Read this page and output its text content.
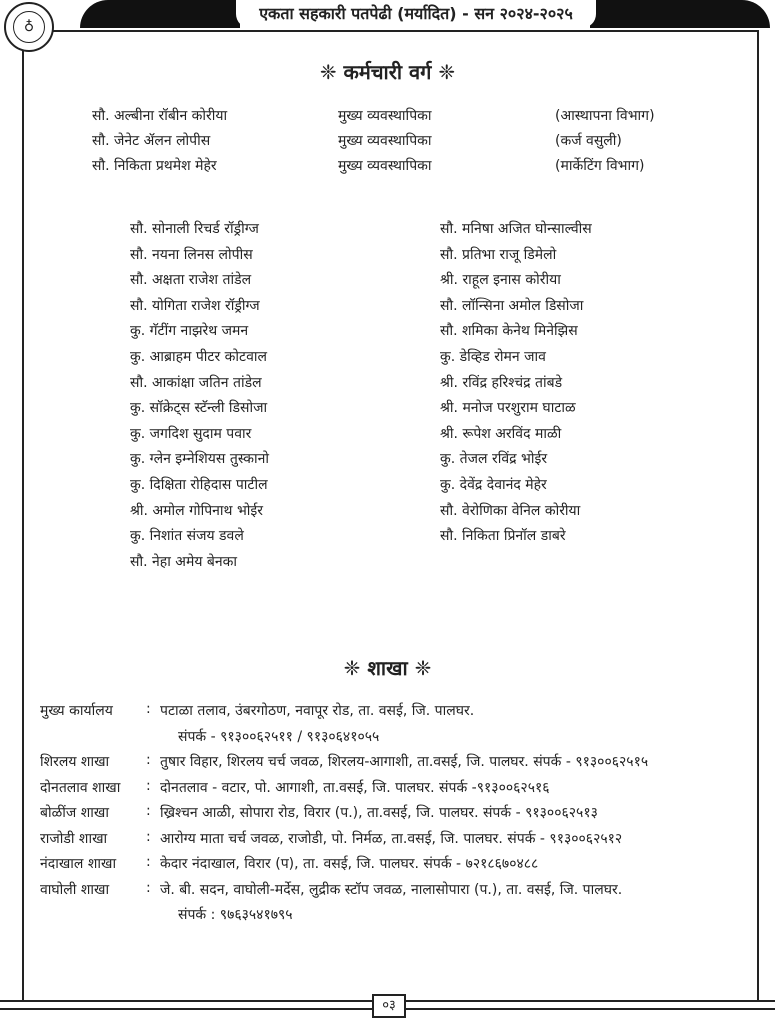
एकता सहकारी पतपेढी (मर्यादित) - सन २०२४-२०२५
♁
❈ कर्मचारी वर्ग ❈
सौ. अल्बीना रॉबीन कोरीया	मुख्य व्यवस्थापिका	(आस्थापना विभाग)
सौ. जेनेट ॲलन लोपीस	मुख्य व्यवस्थापिका	(कर्ज वसुली)
सौ. निकिता प्रथमेश मेहेर	मुख्य व्यवस्थापिका	(मार्केटिंग विभाग)
सौ. सोनाली रिचर्ड रॉड्रीग्ज
सौ. नयना लिनस लोपीस
सौ. अक्षता राजेश तांडेल
सौ. योगिता राजेश रॉड्रीग्ज
कु. गॅटींग नाझरेथ जमन
कु. आब्राहम पीटर कोटवाल
सौ. आकांक्षा जतिन तांडेल
कु. सॉक्रेट्स स्टॅन्ली डिसोजा
कु. जगदिश सुदाम पवार
कु. ग्लेन इम्नेशियस तुस्कानो
कु. दिक्षिता रोहिदास पाटील
श्री. अमोल गोपिनाथ भोईर
कु. निशांत संजय डवले
सौ. नेहा अमेय बेनका
सौ. मनिषा अजित घोन्साल्वीस
सौ. प्रतिभा राजू डिमेलो
श्री. राहूल इनास कोरीया
सौ. लॉन्सिना अमोल डिसोजा
सौ. शमिका केनेथ मिनेझिस
कु. डेव्हिड रोमन जाव
श्री. रविंद्र हरिश्चंद्र तांबडे
श्री. मनोज परशुराम घाटाळ
श्री. रूपेश अरविंद माळी
कु. तेजल रविंद्र भोईर
कु. देवेंद्र देवानंद मेहेर
सौ. वेरोणिका वेनिल कोरीया
सौ. निकिता प्रिनॉल डाबरे
❈ शाखा ❈
मुख्य कार्यालय : पटाळा तलाव, उंबरगोठण, नवापूर रोड, ता. वसई, जि. पालघर.
संपर्क - ९१३००६२५११ / ९१३०६४१०५५
शिरलय शाखा	: तुषार विहार, शिरलय चर्च जवळ, शिरलय-आगाशी, ता.वसई, जि. पालघर. संपर्क - ९१३००६२५१५
दोनतलाव शाखा : दोनतलाव - वटार, पो. आगाशी, ता.वसई, जि. पालघर. संपर्क -९१३००६२५१६
बोळींज शाखा	: ख्रिश्चन आळी, सोपारा रोड, विरार (प.), ता.वसई, जि. पालघर. संपर्क - ९१३००६२५१३
राजोडी शाखा	: आरोग्य माता चर्च जवळ, राजोडी, पो. निर्मळ, ता.वसई, जि. पालघर. संपर्क - ९१३००६२५१२
नंदाखाल शाखा : केदार नंदाखाल, विरार (प), ता. वसई, जि. पालघर. संपर्क - ७२१८६७०४८८
वाघोली शाखा	: जे. बी. सदन, वाघोली-मर्देस, लुद्रीक स्टॉप जवळ, नालासोपारा (प.), ता. वसई, जि. पालघर.
संपर्क : ९७६३५४१७९५
०३
